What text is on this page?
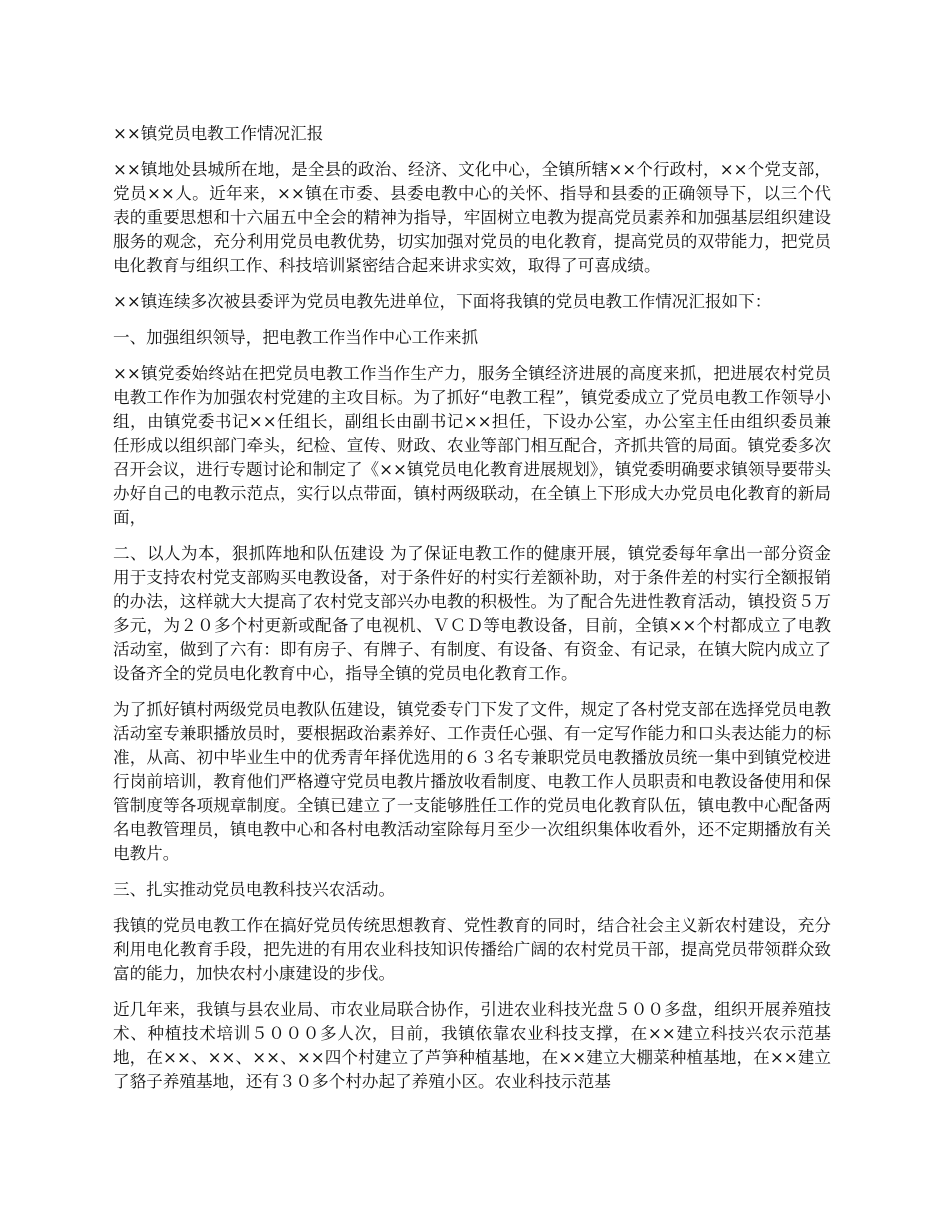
××镇党员电教工作情况汇报

××镇地处县城所在地，是全县的政治、经济、文化中心，全镇所辖××个行政村，××个党支部，党员××人。近年来，××镇在市委、县委电教中心的关怀、指导和县委的正确领导下，以三个代表的重要思想和十六届五中全会的精神为指导，牢固树立电教为提高党员素养和加强基层组织建设服务的观念，充分利用党员电教优势，切实加强对党员的电化教育，提高党员的双带能力，把党员电化教育与组织工作、科技培训紧密结合起来讲求实效，取得了可喜成绩。

××镇连续多次被县委评为党员电教先进单位，下面将我镇的党员电教工作情况汇报如下：

一、加强组织领导，把电教工作当作中心工作来抓

××镇党委始终站在把党员电教工作当作生产力，服务全镇经济进展的高度来抓，把进展农村党员电教工作作为加强农村党建的主攻目标。为了抓好“电教工程”，镇党委成立了党员电教工作领导小组，由镇党委书记××任组长，副组长由副书记××担任，下设办公室，办公室主任由组织委员兼任形成以组织部门牵头，纪检、宣传、财政、农业等部门相互配合，齐抓共管的局面。镇党委多次召开会议，进行专题讨论和制定了《××镇党员电化教育进展规划》，镇党委明确要求镇领导要带头办好自己的电教示范点，实行以点带面，镇村两级联动，在全镇上下形成大办党员电化教育的新局面，

二、以人为本，狠抓阵地和队伍建设 为了保证电教工作的健康开展，镇党委每年拿出一部分资金用于支持农村党支部购买电教设备，对于条件好的村实行差额补助，对于条件差的村实行全额报销的办法，这样就大大提高了农村党支部兴办电教的积极性。为了配合先进性教育活动，镇投资５万多元，为２０多个村更新或配备了电视机、ＶＣＤ等电教设备，目前，全镇××个村都成立了电教活动室，做到了六有：即有房子、有牌子、有制度、有设备、有资金、有记录，在镇大院内成立了设备齐全的党员电化教育中心，指导全镇的党员电化教育工作。

为了抓好镇村两级党员电教队伍建设，镇党委专门下发了文件，规定了各村党支部在选择党员电教活动室专兼职播放员时，要根据政治素养好、工作责任心强、有一定写作能力和口头表达能力的标准，从高、初中毕业生中的优秀青年择优选用的６３名专兼职党员电教播放员统一集中到镇党校进行岗前培训，教育他们严格遵守党员电教片播放收看制度、电教工作人员职责和电教设备使用和保管制度等各项规章制度。全镇已建立了一支能够胜任工作的党员电化教育队伍，镇电教中心配备两名电教管理员，镇电教中心和各村电教活动室除每月至少一次组织集体收看外，还不定期播放有关电教片。

三、扎实推动党员电教科技兴农活动。

我镇的党员电教工作在搞好党员传统思想教育、党性教育的同时，结合社会主义新农村建设，充分利用电化教育手段，把先进的有用农业科技知识传播给广阔的农村党员干部，提高党员带领群众致富的能力，加快农村小康建设的步伐。

近几年来，我镇与县农业局、市农业局联合协作，引进农业科技光盘５００多盘，组织开展养殖技术、种植技术培训５０００多人次，目前，我镇依靠农业科技支撑，在××建立科技兴农示范基地，在××、××、××、××四个村建立了芦笋种植基地，在××建立大棚菜种植基地，在××建立了貉子养殖基地，还有３０多个村办起了养殖小区。农业科技示范基
